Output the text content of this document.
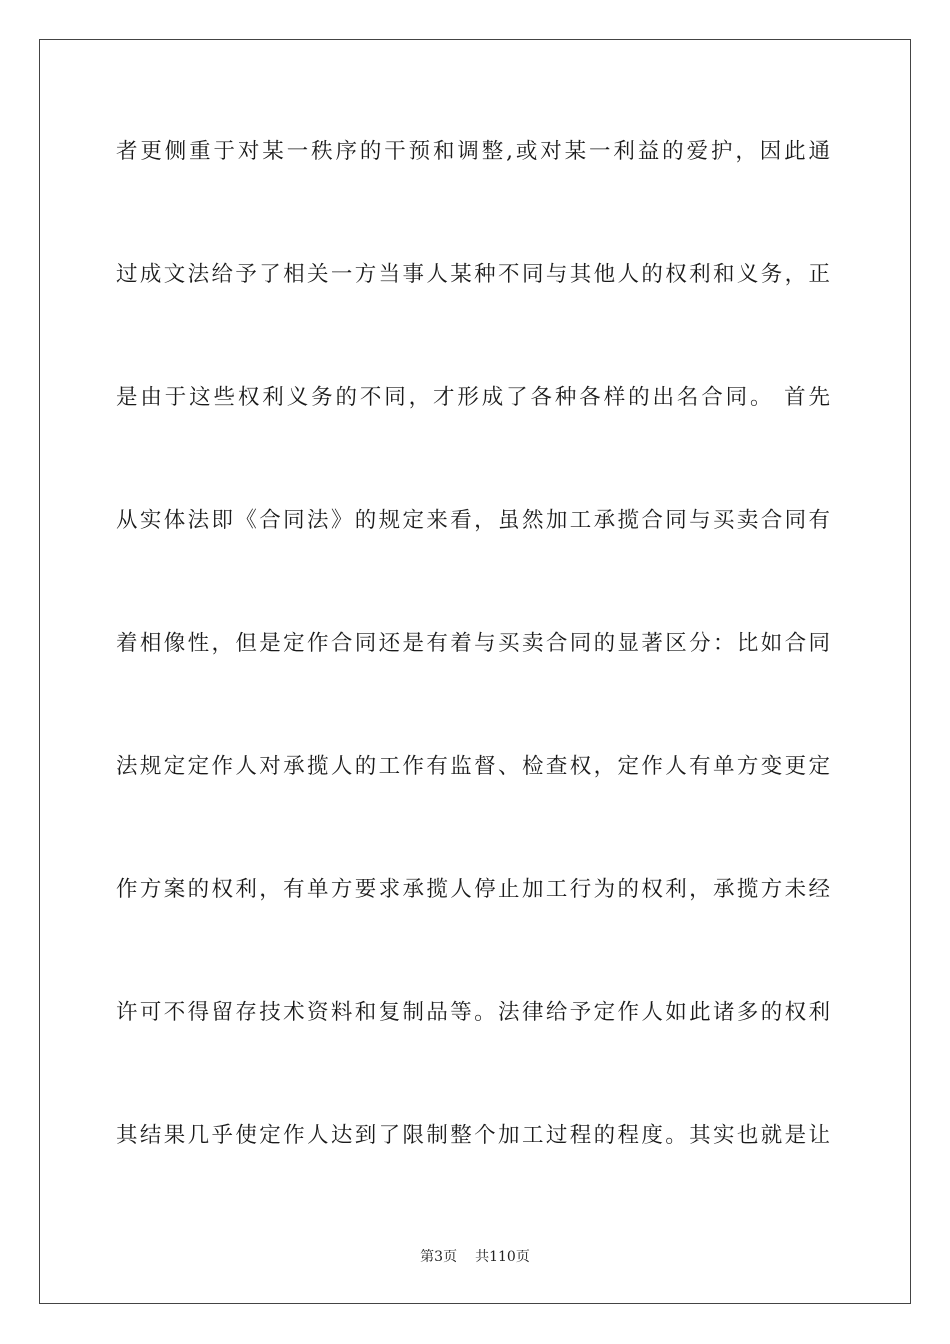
者更侧重于对某一秩序的干预和调整,或对某一利益的爱护，因此通
过成文法给予了相关一方当事人某种不同与其他人的权利和义务，正
是由于这些权利义务的不同，才形成了各种各样的出名合同。 首先
从实体法即《合同法》的规定来看，虽然加工承揽合同与买卖合同有
着相像性，但是定作合同还是有着与买卖合同的显著区分：比如合同
法规定定作人对承揽人的工作有监督、检查权，定作人有单方变更定
作方案的权利，有单方要求承揽人停止加工行为的权利，承揽方未经
许可不得留存技术资料和复制品等。法律给予定作人如此诸多的权利
其结果几乎使定作人达到了限制整个加工过程的程度。其实也就是让
第3页 共110页
